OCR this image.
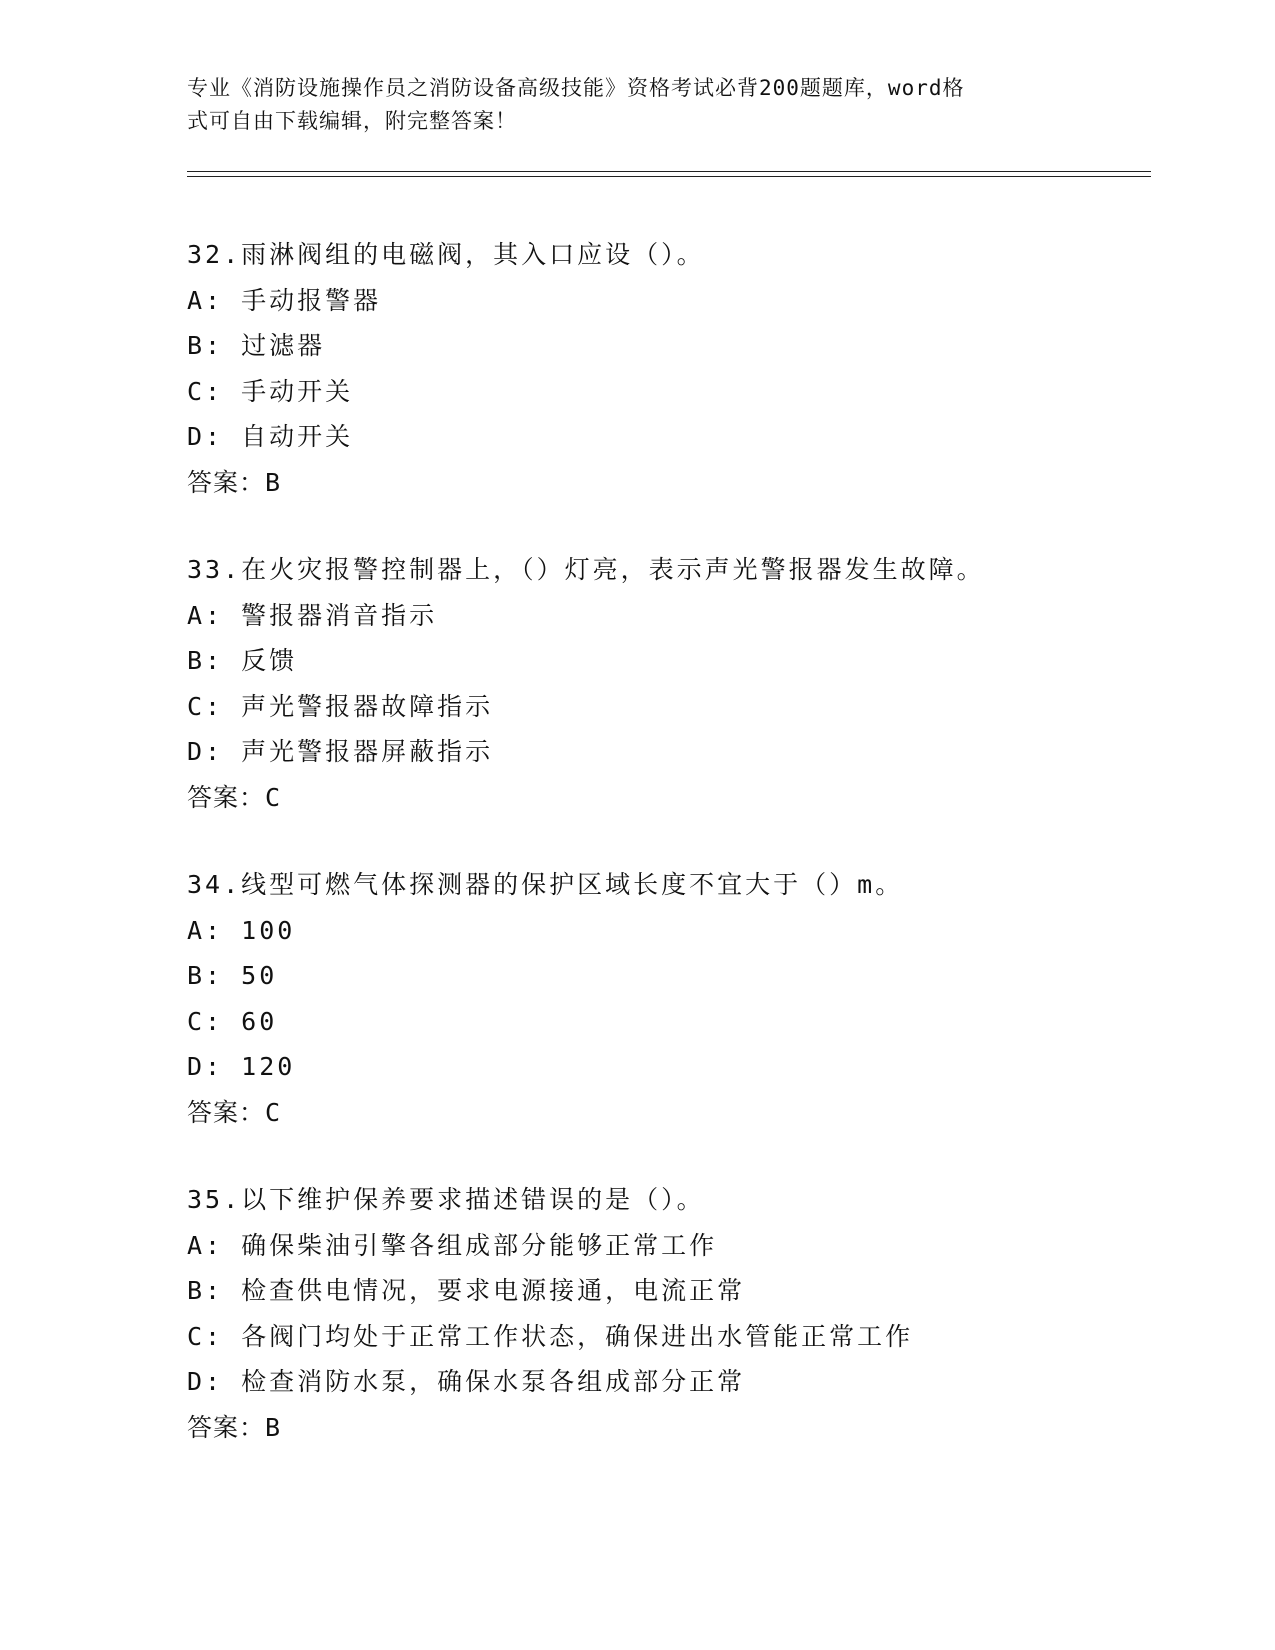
专业《消防设施操作员之消防设备高级技能》资格考试必背200题题库，word格
式可自由下载编辑，附完整答案！
32.雨淋阀组的电磁阀，其入口应设（）。
A: 手动报警器
B: 过滤器
C: 手动开关
D: 自动开关
答案：B
33.在火灾报警控制器上，（）灯亮，表示声光警报器发生故障。
A: 警报器消音指示
B: 反馈
C: 声光警报器故障指示
D: 声光警报器屏蔽指示
答案：C
34.线型可燃气体探测器的保护区域长度不宜大于（）m。
A: 100
B: 50
C: 60
D: 120
答案：C
35.以下维护保养要求描述错误的是（）。
A: 确保柴油引擎各组成部分能够正常工作
B: 检查供电情况，要求电源接通，电流正常
C: 各阀门均处于正常工作状态，确保进出水管能正常工作
D: 检查消防水泵，确保水泵各组成部分正常
答案：B
